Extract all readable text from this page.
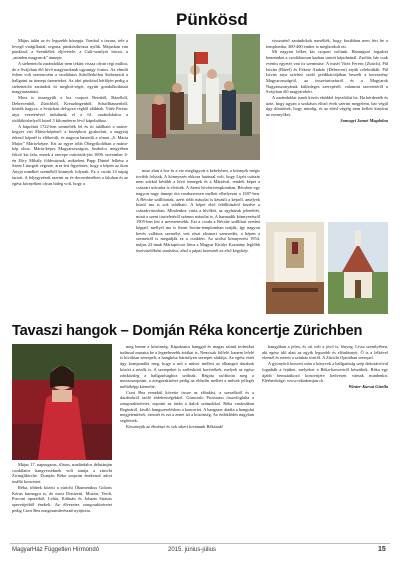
Pünkösd

Május talán az év legszebb hónapja. Tombol a tavasz, tele a levegő virágillattal, orgona, pünkösdirózsa nyílik. Májusban van pünkösd, a Szentlélek eljövetele, a Csík-somlyói búcsú, a „minden magyarok” ünnepe.

A siebeneichi zarándoklat nem tekint vissza olyan régi múltra, de a Svájcban élő hívő magyaroknak ugyanígy fontos. Az elmúlt évben volt szerencsém a csodálatos Schellerhöfen Siebeneich a hallgatni az ünnepi üzeneteket. Az idei pünkösd hétfőjén pedig a siebeneichi zarándok út meghitt-ségét, egyútt gondolkodásait magyarázatúni.

Most is összegyűlt a kis csoport Bernből, Bázelből, Debrecenből, Zürichből, Kreuzlingenből, Schaffhausenből, közték hagyva, a Svájcban del-gozó régből alábbak. Vitéz Ferenc atya vezetésével indultunk el a 61. zarándokútra a tódiláközhelyről közel 5 kilométerre lévő kápolnához.

A kápolnát 1722-ben szentelték fel és itt található a mária-kegyes virt Mária-képénel: a középkori gyakorlati, a nagyzaj érkező képnél is előkerült, és nagyon hasonlít a római „S. Maria Major” Mária-képre. Ezt az egyre több Öhegyíkolóban a mária-kép ohoz. Mária-képes Magyarországon, Szabolcs megyében fekvő kis falu, ennek a szerepe csütörtök-jén 1696. november 4-én Eőry Mihály földesúrnak, mikieben Papp Dániel lelkész a Szent Liturgiát végezte, arra lett figyelmes, hogy a képen az ikon Anyja mindkét szeméből könnyek folynak. Ez a csoda 14 napig tartott. A feljegyzések szerint az év decemberében a faluban és az egész környéken olyan hideg volt, hogy a

mise alatt a bor és a víz megfagyott a kehelyben, a könnyek mégis tovább folytak. A könnyezés ekkora hatással volt, hogy Lipót császár nem sokkal később a hívő tömegek és a Máriával, rendelt képet a császári udvarba is elvitték. A Szent István-templomban, Bécsben egy nagyon nagy ünnepi óta rendszeresen mellett elhelyezni a 1697-ben. A Bécsbe szállítottak, azért több másolat is készült a képről, amelyek közül ma is sok található. A képet első felállításától kezdve a császárvárosban. Mindenkor várta a hívőkét, az egyházak jelenlétét, miatt a szent tiszteletéről számos másolat is. A harmadik könnyezésről 1905-ben lett a nevezetesebb. Ezt a csoda a Bécsbe szállított eredeti képpel, mellyel ma is Szent István-templomban tartják, így nagyon kevés vallásos személyt vett részt elismert szenvedés, a képen a szemeiről is megadják ez a csodáért. Az utolsó könnyezést 1954. május 23-ának Máriapócsot látva a Magyar Királyi Kormány legfőbb tisztviselőként tanúsítva, ahol a pápai keresztét az első kegykép.

visszatérő zarándokok mesélték, hogy korábban nem fért be a templomba, 300-400 ember is meghordult ott.

Mi nagyon lelkes kis csoport voltunk. Harangszó fogadott bennünket a csodálatosan karban tartott kápolnánál. Zsoltár, bár csak eventu egyetér van itt szentmise. A misét Vitéz Ferenc (Zürich), Pál István (Bázel) és Fekete András (Debrecen) atyák celebrálták. Pál István atya szívhez szóló prédikációjában beszélt a keresztény Magyarországról, az összetartozásról és a Magyarok Nagyasszonyának különleges szerepéről, valamint szeretetéről a Svájcban élő magyarokért.

A zarándoklat ismét közös ebéddel fejeződött be. Ha kérdezték és üzte, hogy ugyan a szokásos elöző évek szerint megjelent, bár végül úgy döntöttek, hogy mindig, és az ebéd végéig nem kellett kinyitni az esernyőket.

Somogyi Janné Magdolna

Tavaszi hangok – Domján Réka koncertje Zürichben

Május 17. napsugaras, illatos, madárdalos délutánján csodálatos hangverseknek volt tanúja a zürichi Zwinglikirche. Domján Réka szoprán énekesnő adott önálló koncertet.

Réka, többek között a zürichi Ökumenikus Golaris Kórus karnagya is, de most Donizetti, Mozart, Verdi, Puccini operáiból, Lehár, Kálmán és Johann Strauss operettjeiből énekelt. Az élvezetes zongorakíséretet pedig Cseri Bea zongoraművésznő nyújtotta.

meg benne a közönség. Káprázatos hanggal és magas szintű technikai tudással mutatta be a legnehezebb áriákat is. Nemcsak fölfelé, hanem lefelé is kiválóan szerepelt, a hangkész bármilyen szerepet alakítja. Az egész estét úgy komponálta meg, hogy a mű a műsor mellett az elhangzó darabok között a nézők is. A szerepeket is széleskörű korértékek, melyek az egész zártközileg a hallgatósághoz szólnak. Régóta szólította meg a mezzoszopránt, a zongorakíséret pedig az előadás mellett a művek jellegét méltóképp kiemelte.

Cseri Bea remekül követte össze az előadást, a szerzőkről és a darabokról szóló érdekességekkel. Giancarlo Prossomo összefoglalta a zongorakíséretet, sopránt az árián a dalok számokkal. Réka varázsában Regináról, kiváló hangszerelésben a koncertet. A hangszer átadta a hangulat megjelenítését, örömét és ezt a zenei ízt a közönség. Az érdeklődés nagyban segítettek.

Köszönjük az élményt és sok sikert kívánunk Rékának!

hangjában a jelen, és ott volt a jövő is, lényeg, Lívia szentlyében, aki egész idő alatt az egyik legszebb és előadásnyit. Ő is a lelkével elzenél és nézett a színház töriről. A Zürichi Operában szerepel.

A gyönyörű koncert után a könyvek a hallgatóság szép dekorációval fogadták a fejüket, melyeket a Réka-koncertről készültek. Réka egy újabb bemutatkozó koncertjére kedvesen várnak mindenkit. Elérhetősége: www.rekadomjan.ch

Winter-Karsai Gizella

MagyarHáz Független Hírmondó	2015. június-július	15
